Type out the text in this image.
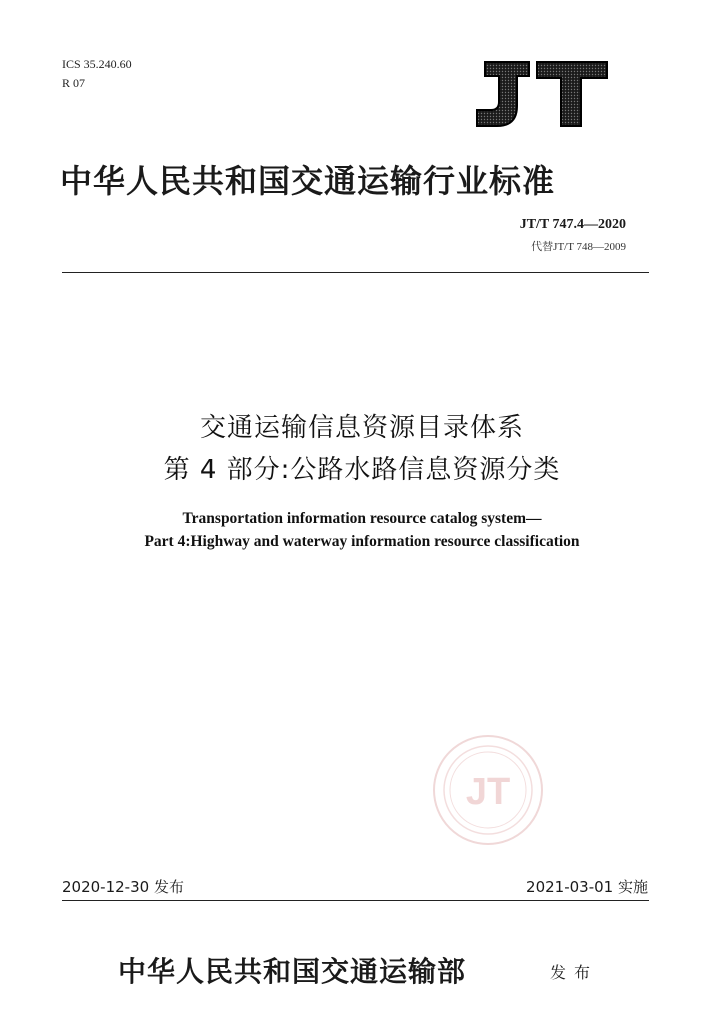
ICS 35.240.60
R 07
中华人民共和国交通运输行业标准
JT/T 747.4—2020
代替JT/T 748—2009
交通运输信息资源目录体系
第 4 部分:公路水路信息资源分类
Transportation information resource catalog system—
Part 4:Highway and waterway information resource classification
JT
2020-12-30 发布	2021-03-01 实施
中华人民共和国交通运输部	发布
